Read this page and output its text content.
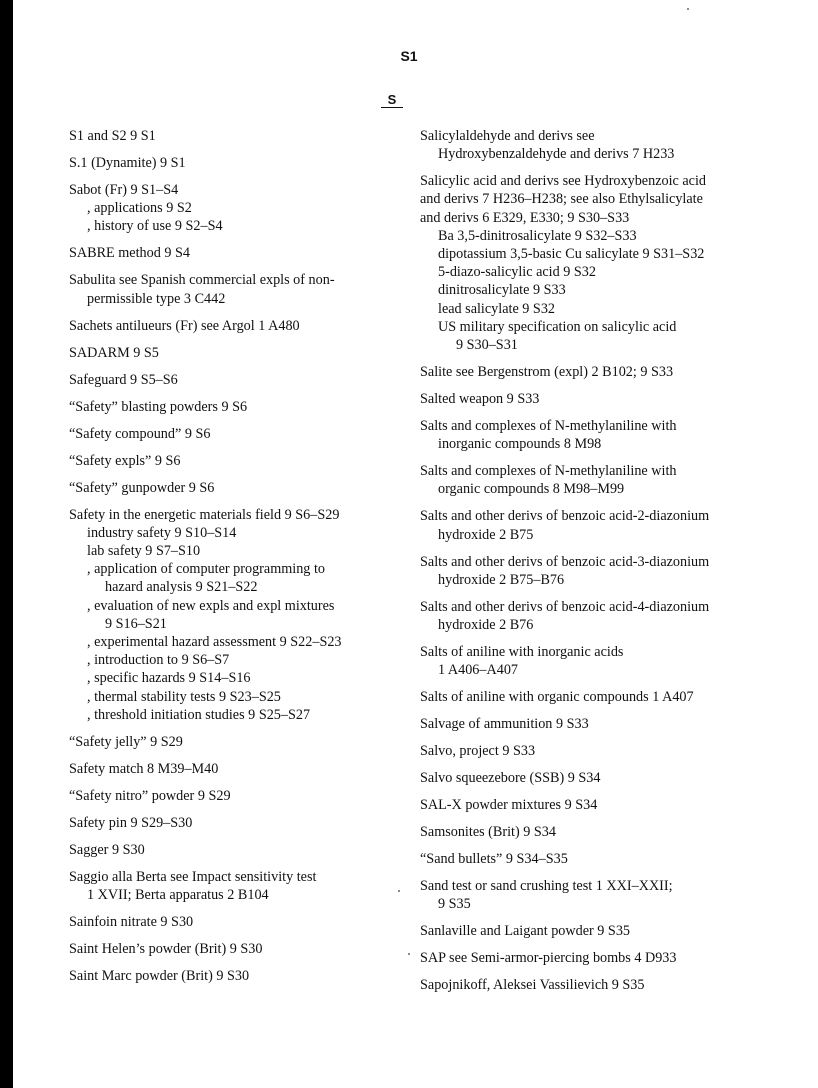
S1
S
S1 and S2 9 S1
S.1 (Dynamite) 9 S1
Sabot (Fr) 9 S1–S4
, applications 9 S2
, history of use 9 S2–S4
SABRE method 9 S4
Sabulita see Spanish commercial expls of non-
permissible type 3 C442
Sachets antilueurs (Fr) see Argol 1 A480
SADARM 9 S5
Safeguard 9 S5–S6
“Safety” blasting powders 9 S6
“Safety compound” 9 S6
“Safety expls” 9 S6
“Safety” gunpowder 9 S6
Safety in the energetic materials field 9 S6–S29
industry safety 9 S10–S14
lab safety 9 S7–S10
, application of computer programming to
hazard analysis 9 S21–S22
, evaluation of new expls and expl mixtures
9 S16–S21
, experimental hazard assessment 9 S22–S23
, introduction to 9 S6–S7
, specific hazards 9 S14–S16
, thermal stability tests 9 S23–S25
, threshold initiation studies 9 S25–S27
“Safety jelly” 9 S29
Safety match 8 M39–M40
“Safety nitro” powder 9 S29
Safety pin 9 S29–S30
Sagger 9 S30
Saggio alla Berta see Impact sensitivity test
1 XVII; Berta apparatus 2 B104
Sainfoin nitrate 9 S30
Saint Helen’s powder (Brit) 9 S30
Saint Marc powder (Brit) 9 S30
Salicylaldehyde and derivs see
Hydroxybenzaldehyde and derivs 7 H233
Salicylic acid and derivs see Hydroxybenzoic acid
and derivs 7 H236–H238; see also Ethylsalicylate
and derivs 6 E329, E330; 9 S30–S33
Ba 3,5-dinitrosalicylate 9 S32–S33
dipotassium 3,5-basic Cu salicylate 9 S31–S32
5-diazo-salicylic acid 9 S32
dinitrosalicylate 9 S33
lead salicylate 9 S32
US military specification on salicylic acid
9 S30–S31
Salite see Bergenstrom (expl) 2 B102; 9 S33
Salted weapon 9 S33
Salts and complexes of N-methylaniline with
inorganic compounds 8 M98
Salts and complexes of N-methylaniline with
organic compounds 8 M98–M99
Salts and other derivs of benzoic acid-2-diazonium
hydroxide 2 B75
Salts and other derivs of benzoic acid-3-diazonium
hydroxide 2 B75–B76
Salts and other derivs of benzoic acid-4-diazonium
hydroxide 2 B76
Salts of aniline with inorganic acids
1 A406–A407
Salts of aniline with organic compounds 1 A407
Salvage of ammunition 9 S33
Salvo, project 9 S33
Salvo squeezebore (SSB) 9 S34
SAL-X powder mixtures 9 S34
Samsonites (Brit) 9 S34
“Sand bullets” 9 S34–S35
Sand test or sand crushing test 1 XXI–XXII;
9 S35
Sanlaville and Laigant powder 9 S35
SAP see Semi-armor-piercing bombs 4 D933
Sapojnikoff, Aleksei Vassilievich 9 S35
